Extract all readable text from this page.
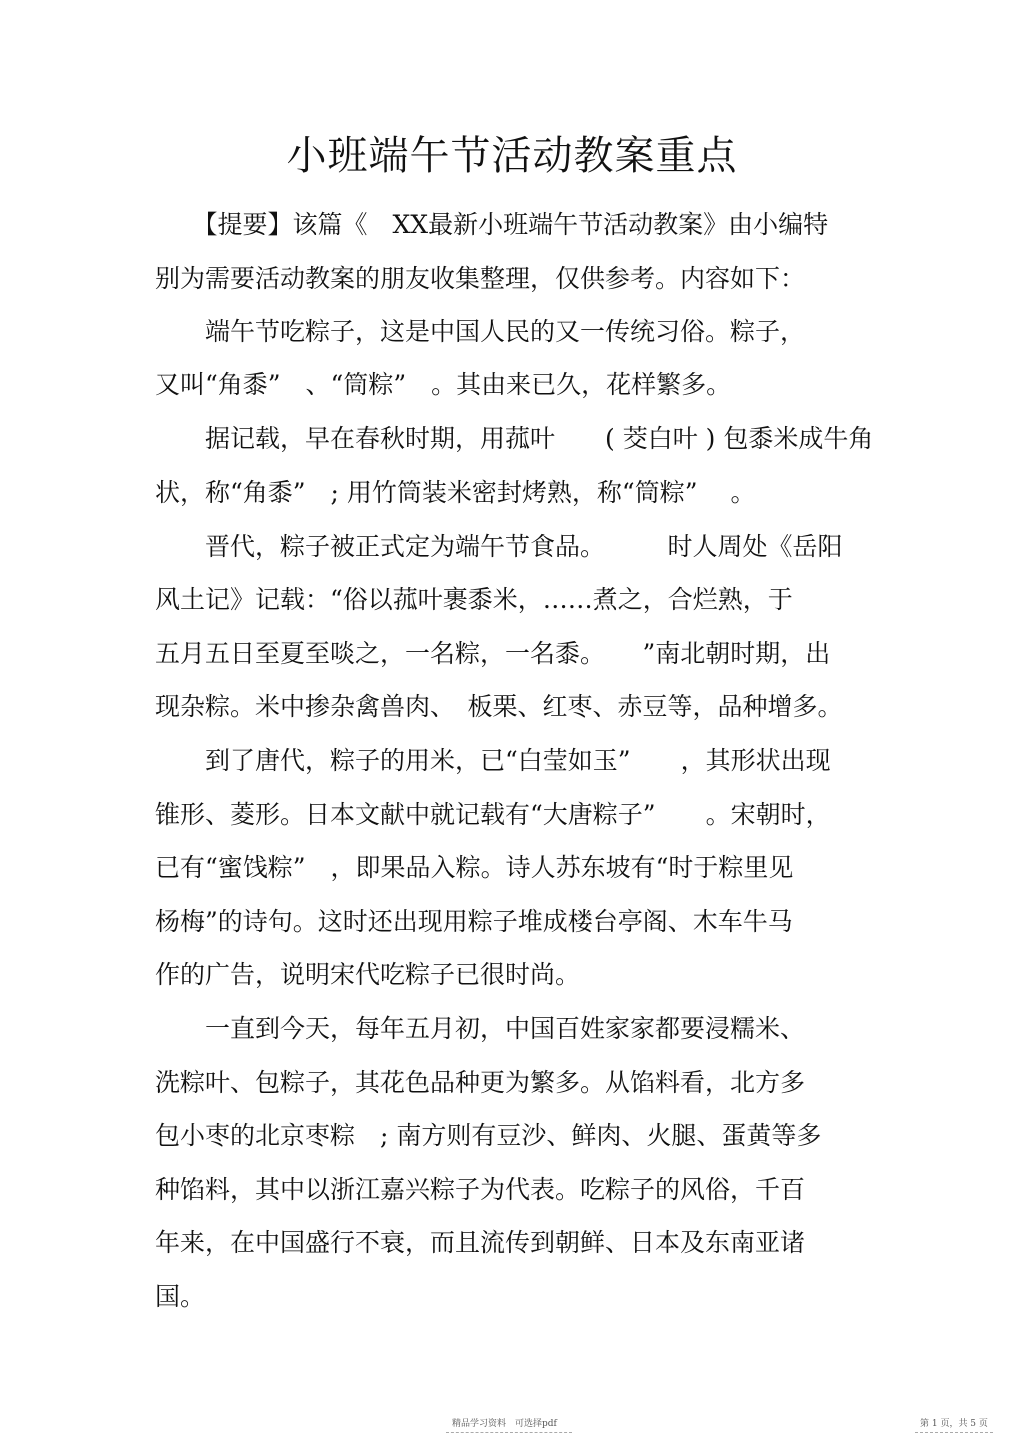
小班端午节活动教案重点
　　【提要】该篇《　XX最新小班端午节活动教案》由小编特
别为需要活动教案的朋友收集整理，仅供参考。内容如下：
　　端午节吃粽子，这是中国人民的又一传统习俗。粽子，
又叫“角黍”　、“筒粽”　。其由来已久，花样繁多。
　　据记载，早在春秋时期，用菰叶　　( 茭白叶 ) 包黍米成牛角
状，称“角黍”　; 用竹筒装米密封烤熟，称“筒粽”　 。
　　晋代，粽子被正式定为端午节食品。　　　时人周处《岳阳
风土记》记载：“俗以菰叶裹黍米，……煮之，合烂熟，于
五月五日至夏至啖之，一名粽，一名黍。　　”南北朝时期，出
现杂粽。米中掺杂禽兽肉、　板栗、红枣、赤豆等，品种增多。
　　到了唐代，粽子的用米，已“白莹如玉”　　，其形状出现
锥形、菱形。日本文献中就记载有“大唐粽子”　　。宋朝时，
已有“蜜饯粽”　，即果品入粽。诗人苏东坡有“时于粽里见
杨梅”的诗句。这时还出现用粽子堆成楼台亭阁、木车牛马
作的广告，说明宋代吃粽子已很时尚。
　　一直到今天，每年五月初，中国百姓家家都要浸糯米、
洗粽叶、包粽子，其花色品种更为繁多。从馅料看，北方多
包小枣的北京枣粽　; 南方则有豆沙、鲜肉、火腿、蛋黄等多
种馅料，其中以浙江嘉兴粽子为代表。吃粽子的风俗，千百
年来，在中国盛行不衰，而且流传到朝鲜、日本及东南亚诸
国。
精品学习资料　可选择pdf	第 1 页，共 5 页
